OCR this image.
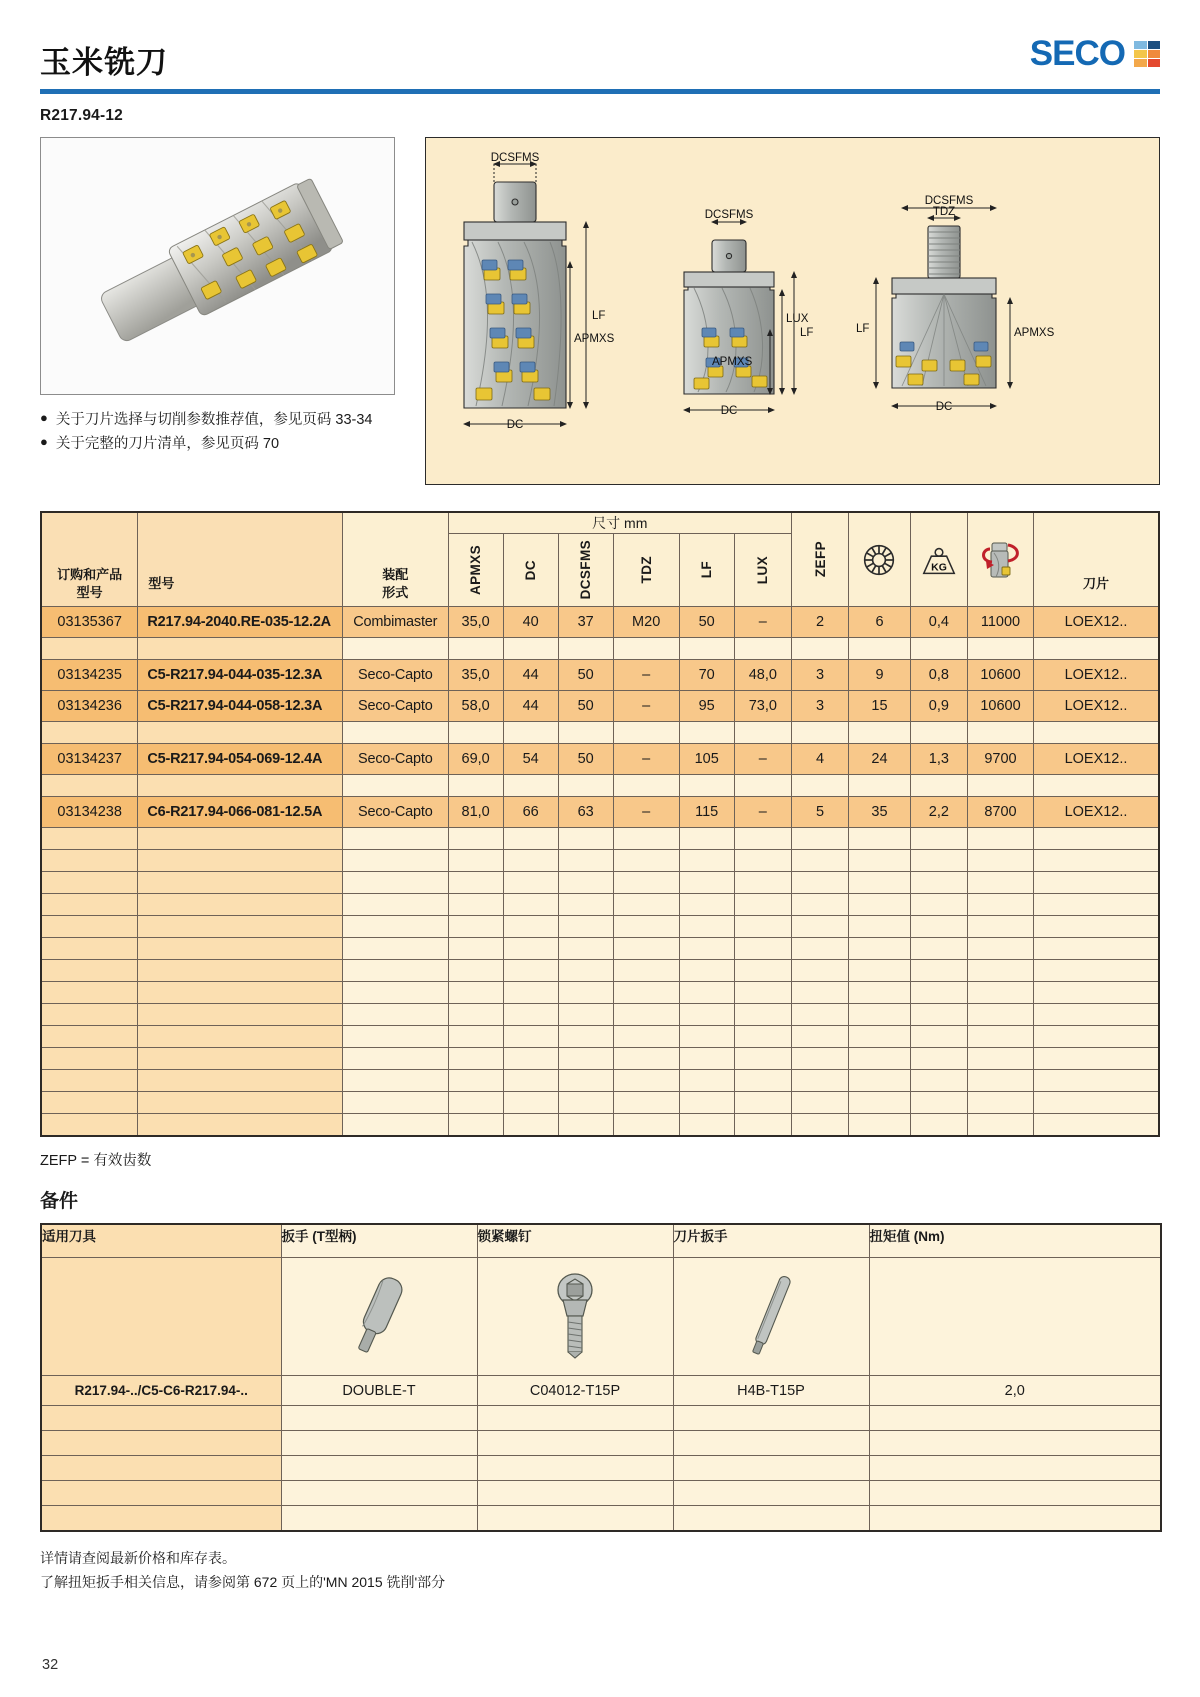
玉米铣刀	SECO
R217.94-12
● 关于刀片选择与切削参数推荐值，参见页码 33-34
● 关于完整的刀片清单，参见页码 70
DCSFMS
LF
APMXS
DC
DCSFMS
LF
LUX
APMXS
DC
DCSFMS
TDZ
LF	APMXS
DC
订购和产品
型号	型号	装配
形式	尺寸 mm						ZEFP		KG		刀片

			APMXS	DC	DCSFMS	TDZ	LF	LUX					

03135367	R217.94-2040.RE-035-12.2A	Combimaster	35,0	40	37	M20	50	–	2	6	0,4	11000	LOEX12..

03134235	C5-R217.94-044-035-12.3A	Seco-Capto	35,0	44	50	–	70	48,0	3	9	0,8	10600	LOEX12..
03134236	C5-R217.94-044-058-12.3A	Seco-Capto	58,0	44	50	–	95	73,0	3	15	0,9	10600	LOEX12..

03134237	C5-R217.94-054-069-12.4A	Seco-Capto	69,0	54	50	–	105	–	4	24	1,3	9700	LOEX12..

03134238	C6-R217.94-066-081-12.5A	Seco-Capto	81,0	66	63	–	115	–	5	35	2,2	8700	LOEX12..

ZEFP = 有效齿数

备件
适用刀具	扳手 (T型柄)	锁紧螺钉	刀片扳手	扭矩值 (Nm)

R217.94-../C5-C6-R217.94-..	DOUBLE-T	C04012-T15P	H4B-T15P	2,0

详情请查阅最新价格和库存表。
了解扭矩扳手相关信息，请参阅第 672 页上的'MN 2015 铣削'部分
32
